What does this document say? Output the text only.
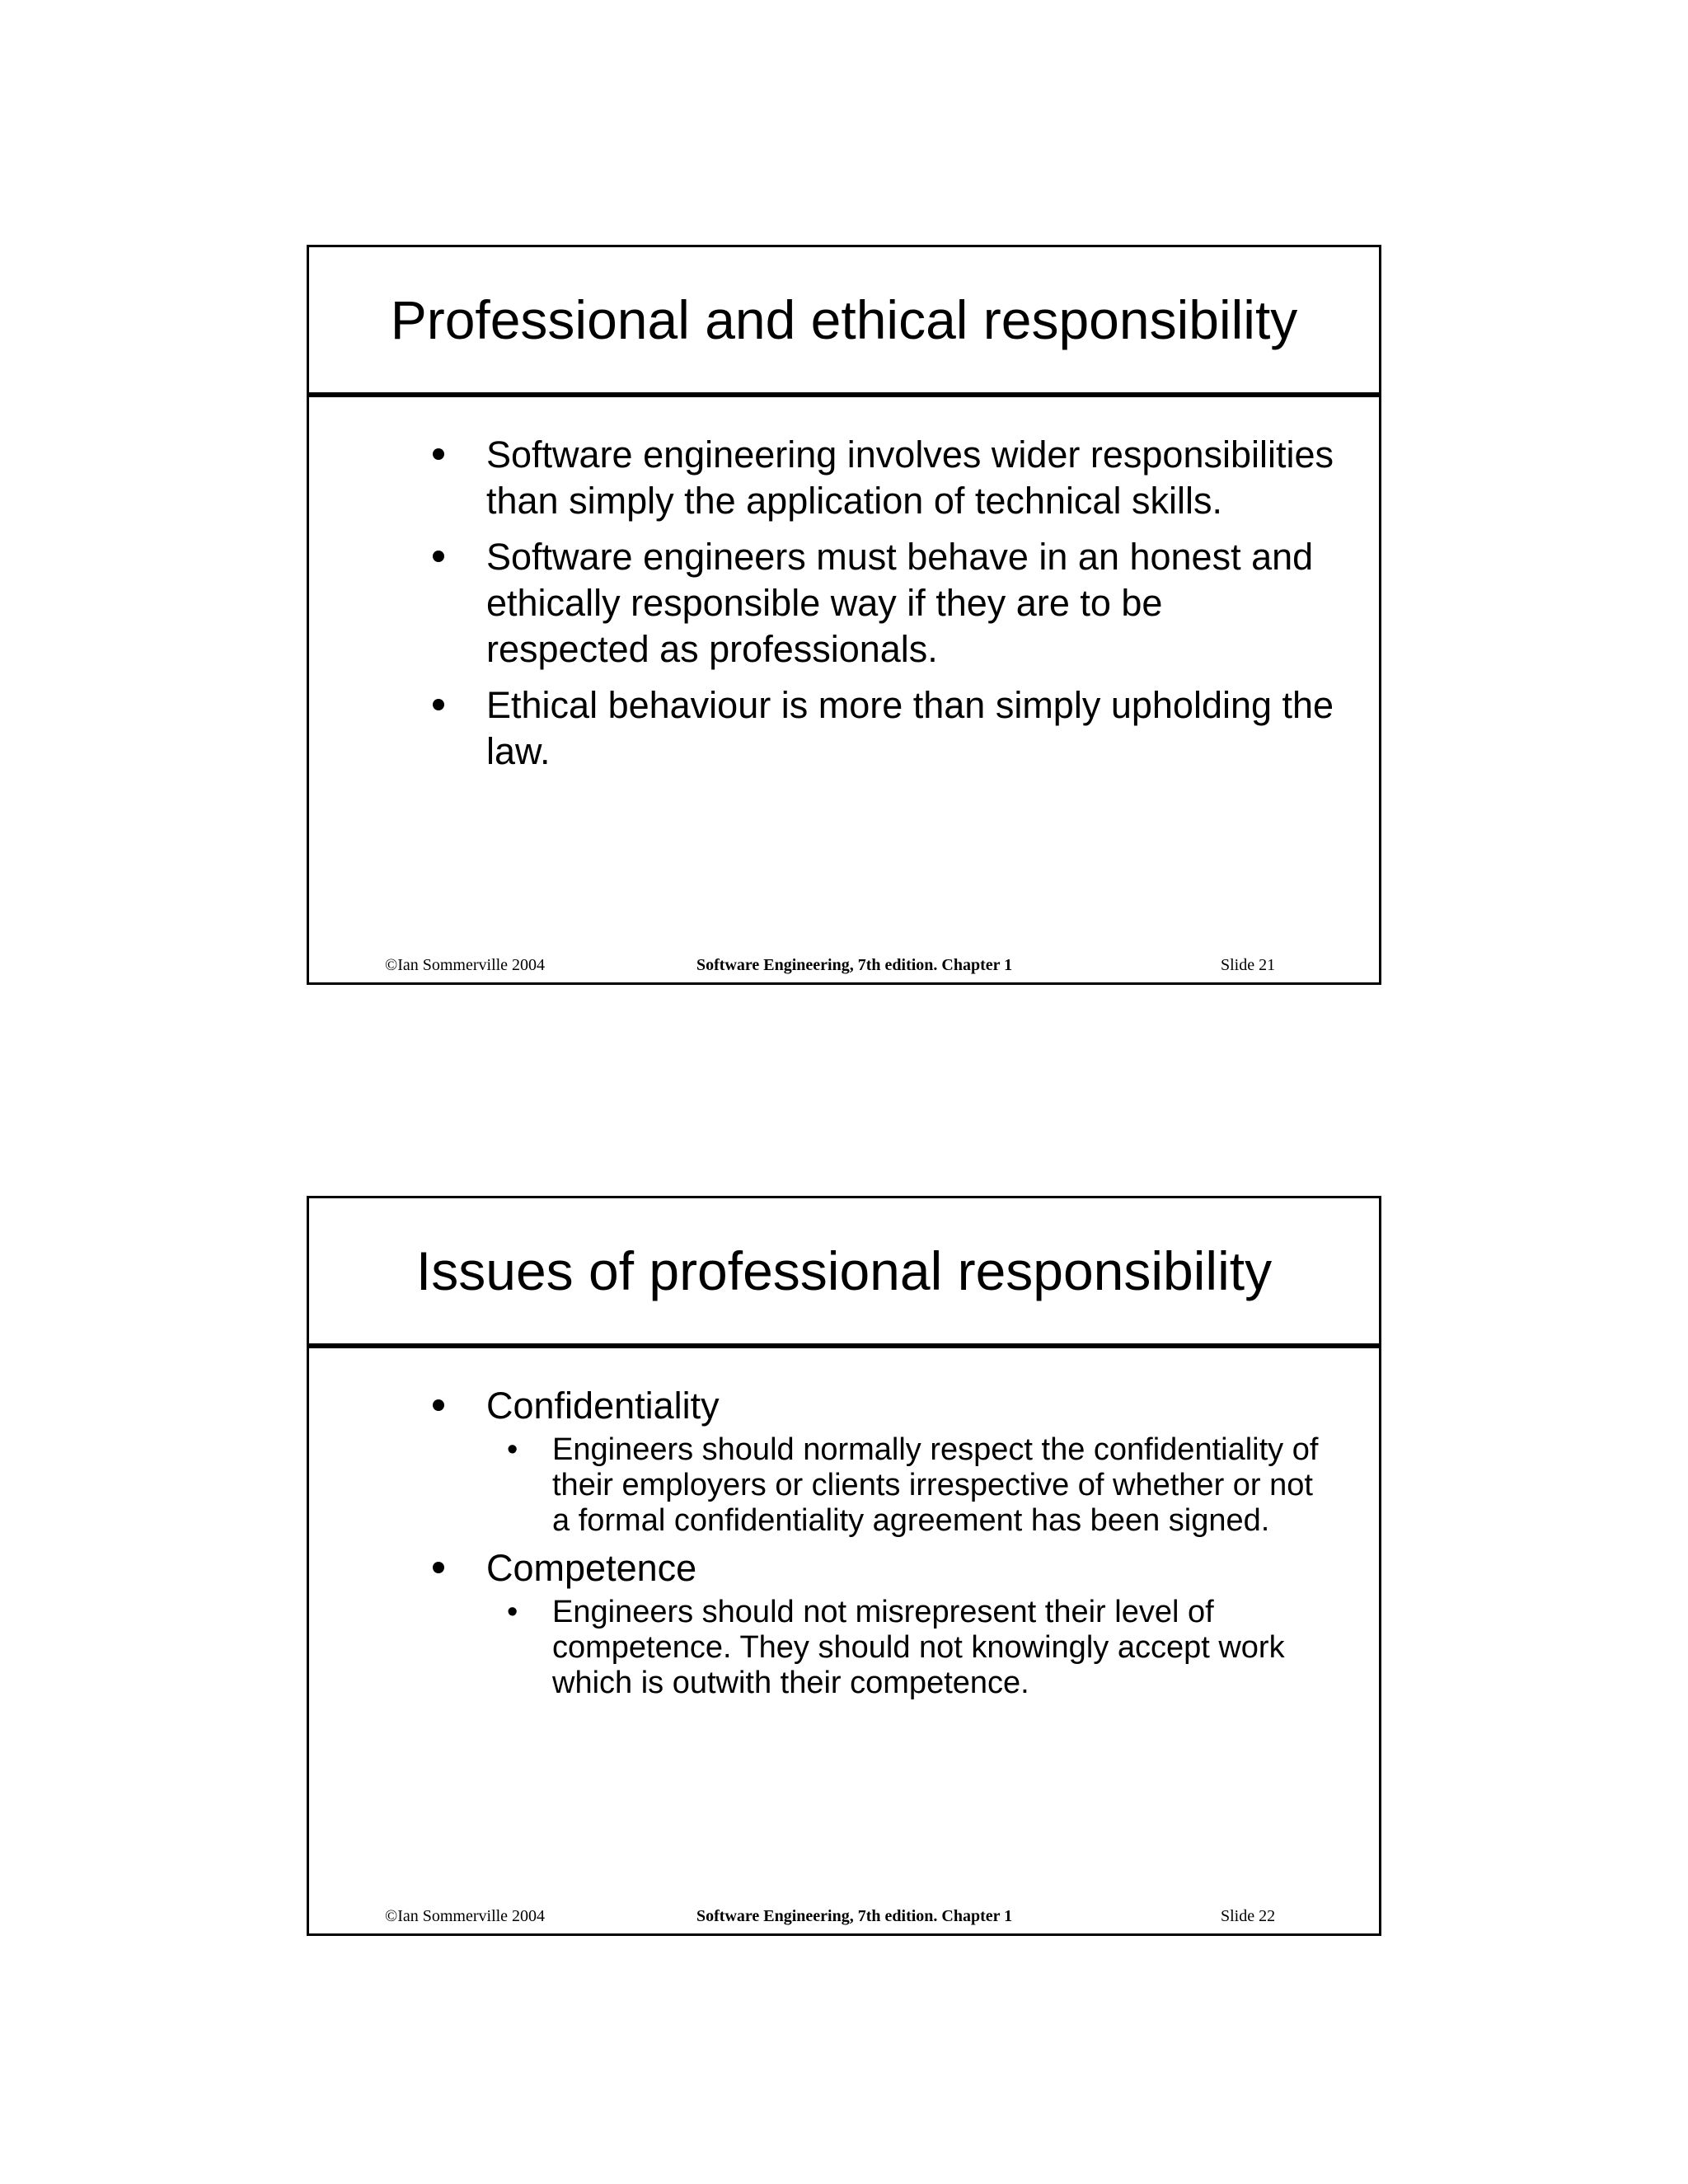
Professional and ethical responsibility
Software engineering involves wider responsibilities than simply the application of technical skills.
Software engineers must behave in an honest and ethically responsible way if they are to be respected as professionals.
Ethical behaviour is more than simply upholding the law.
©Ian Sommerville 2004	Software Engineering, 7th edition. Chapter 1	Slide 21
Issues of professional responsibility
Confidentiality
• Engineers should normally respect the confidentiality of their employers or clients irrespective of whether or not a formal confidentiality agreement has been signed.
Competence
• Engineers should not misrepresent their level of competence. They should not knowingly accept work which is outwith their competence.
©Ian Sommerville 2004	Software Engineering, 7th edition. Chapter 1	Slide 22
